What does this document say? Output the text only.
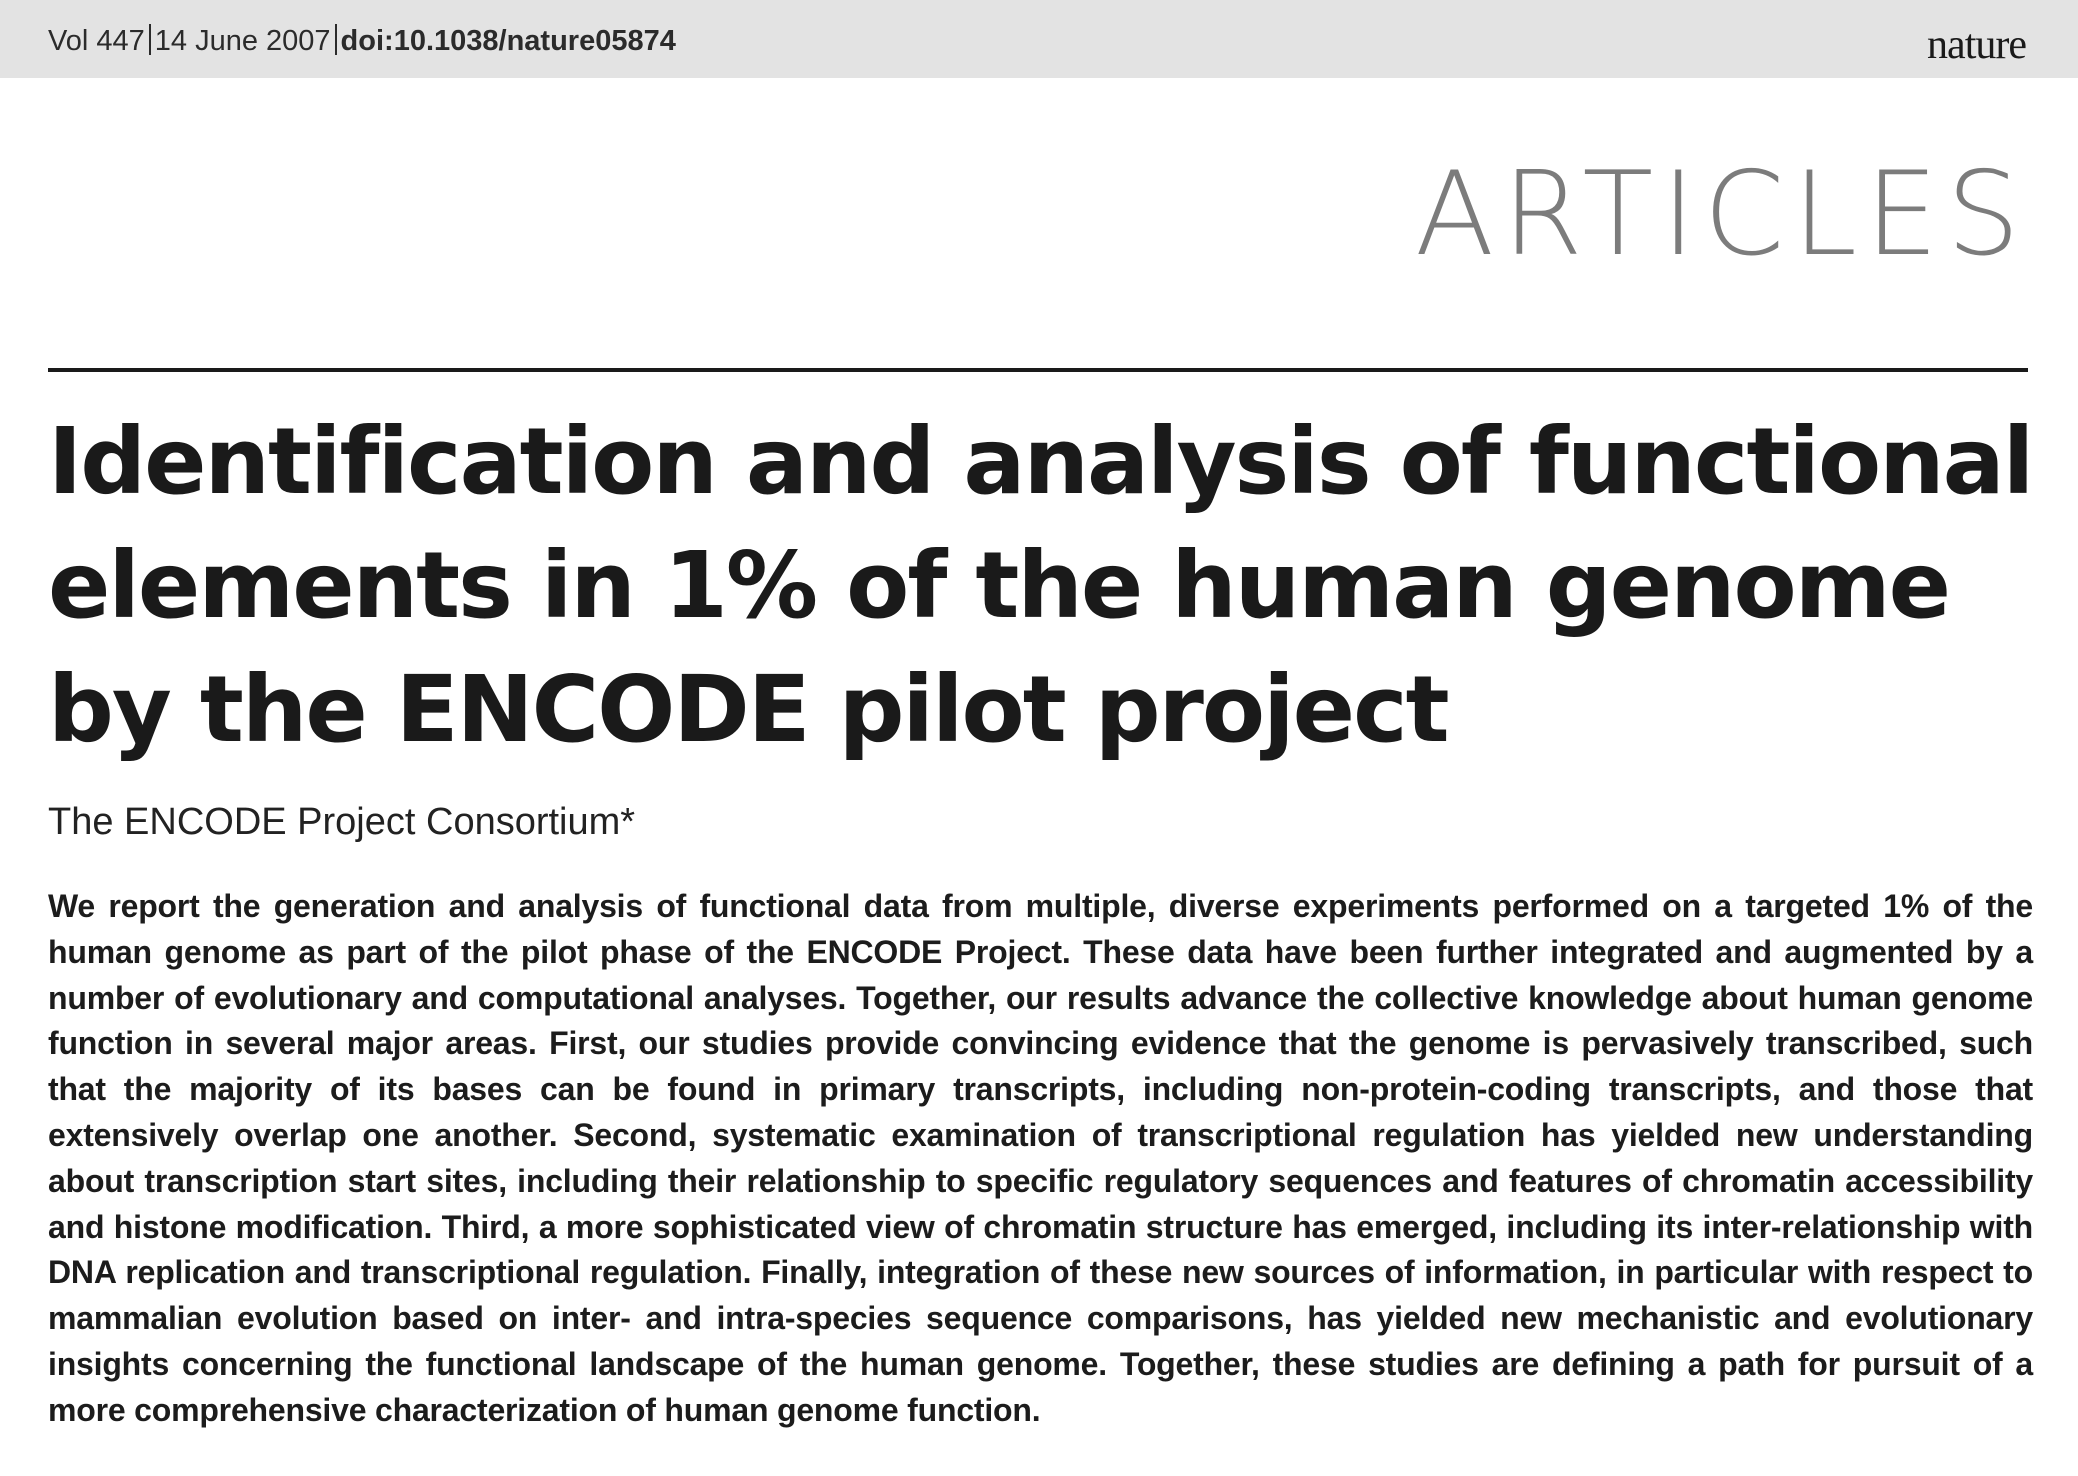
Vol 447 14 June 2007 doi:10.1038/nature05874	nature
ARTICLES
Identification and analysis of functional elements in 1% of the human genome by the ENCODE pilot project
The ENCODE Project Consortium*

We report the generation and analysis of functional data from multiple, diverse experiments performed on a targeted 1% of the human genome as part of the pilot phase of the ENCODE Project. These data have been further integrated and augmented by a number of evolutionary and computational analyses. Together, our results advance the collective knowledge about human genome function in several major areas. First, our studies provide convincing evidence that the genome is pervasively transcribed, such that the majority of its bases can be found in primary transcripts, including non-protein-coding transcripts, and those that extensively overlap one another. Second, systematic examination of transcriptional regulation has yielded new understanding about transcription start sites, including their relationship to specific regulatory sequences and features of chromatin accessibility and histone modification. Third, a more sophisticated view of chromatin structure has emerged, including its inter-relationship with DNA replication and transcriptional regulation. Finally, integration of these new sources of information, in particular with respect to mammalian evolution based on inter- and intra-species sequence comparisons, has yielded new mechanistic and evolutionary insights concerning the functional landscape of the human genome. Together, these studies are defining a path for pursuit of a more comprehensive characterization of human genome function.
